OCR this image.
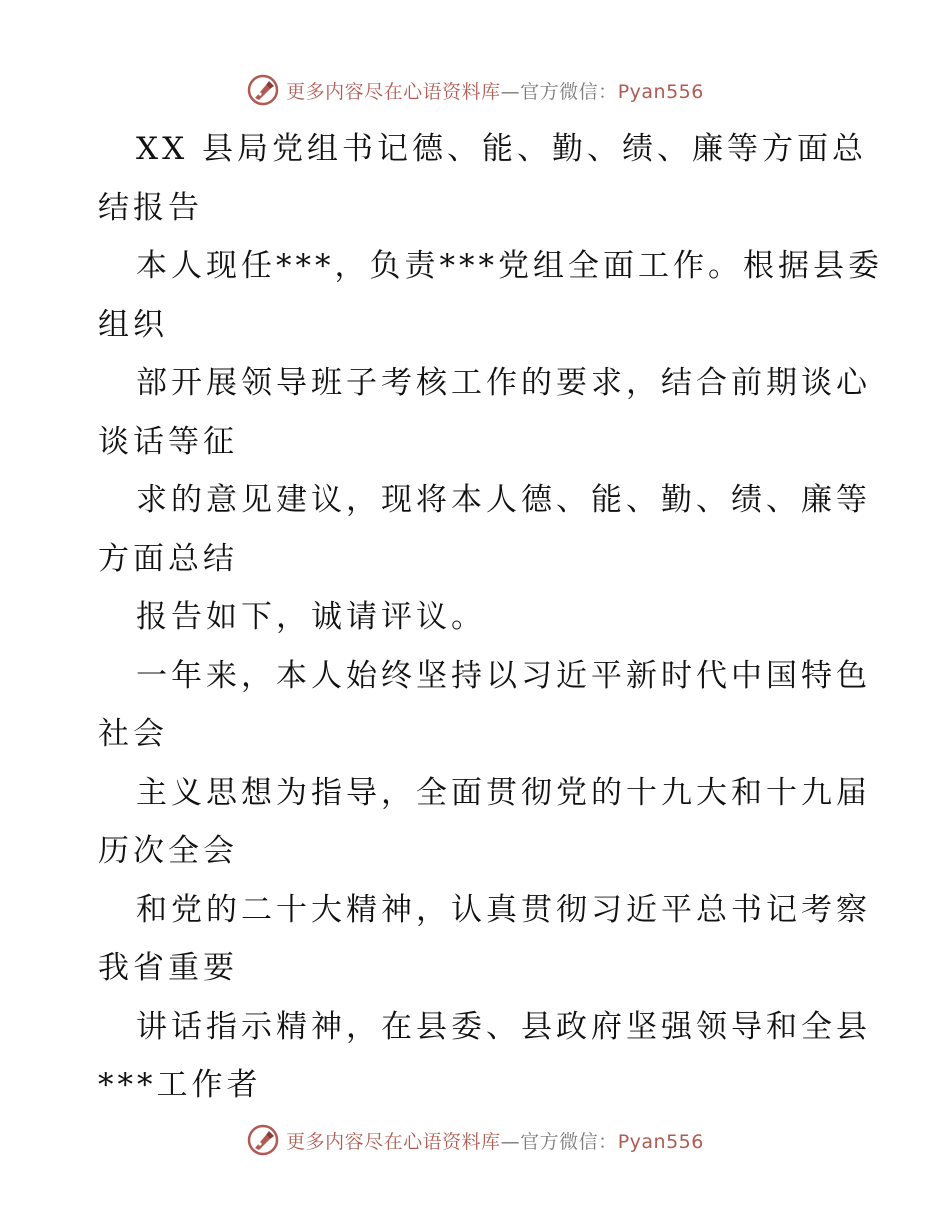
更多内容尽在心语资料库—官方微信：Pyan556
XX 县局党组书记德、能、勤、绩、廉等方面总
结报告
本人现任***，负责***党组全面工作。根据县委
组织
部开展领导班子考核工作的要求，结合前期谈心
谈话等征
求的意见建议，现将本人德、能、勤、绩、廉等
方面总结
报告如下，诚请评议。
一年来，本人始终坚持以习近平新时代中国特色
社会
主义思想为指导，全面贯彻党的十九大和十九届
历次全会
和党的二十大精神，认真贯彻习近平总书记考察
我省重要
讲话指示精神，在县委、县政府坚强领导和全县
***工作者
更多内容尽在心语资料库—官方微信：Pyan556
